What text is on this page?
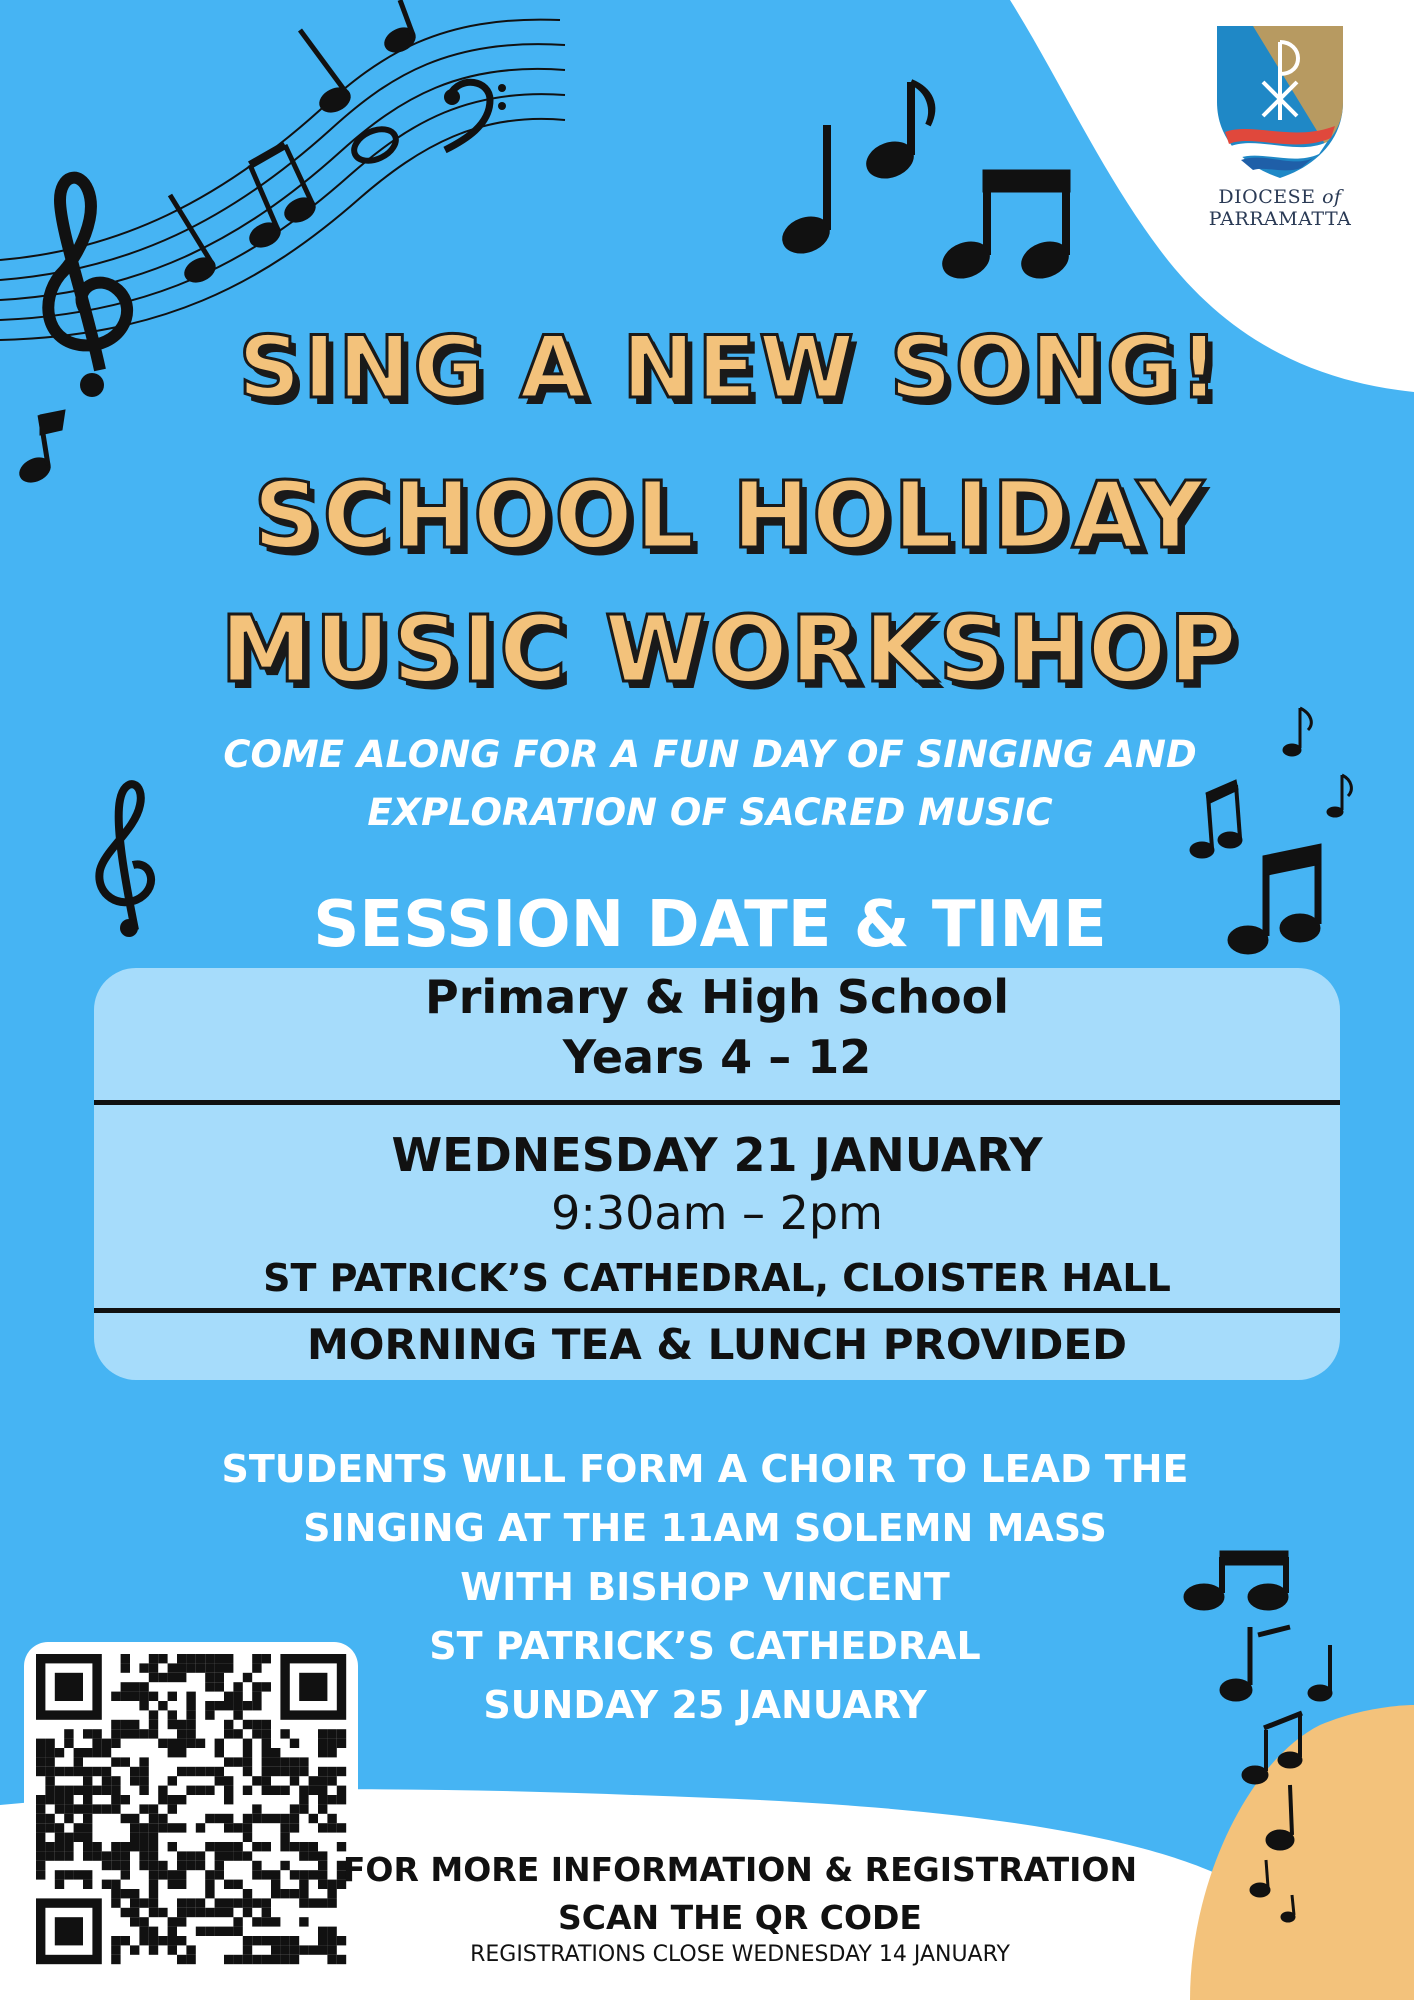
DIOCESE of
PARRAMATTA
SING A NEW SONG!
SCHOOL HOLIDAY
MUSIC WORKSHOP
COME ALONG FOR A FUN DAY OF SINGING AND
EXPLORATION OF SACRED MUSIC
SESSION DATE & TIME
Primary & High School
Years 4 – 12
WEDNESDAY 21 JANUARY
9:30am – 2pm
ST PATRICK’S CATHEDRAL, CLOISTER HALL
MORNING TEA & LUNCH PROVIDED
STUDENTS WILL FORM A CHOIR TO LEAD THE
SINGING AT THE 11AM SOLEMN MASS
WITH BISHOP VINCENT
ST PATRICK’S CATHEDRAL
SUNDAY 25 JANUARY
FOR MORE INFORMATION & REGISTRATION
SCAN THE QR CODE
REGISTRATIONS CLOSE WEDNESDAY 14 JANUARY
